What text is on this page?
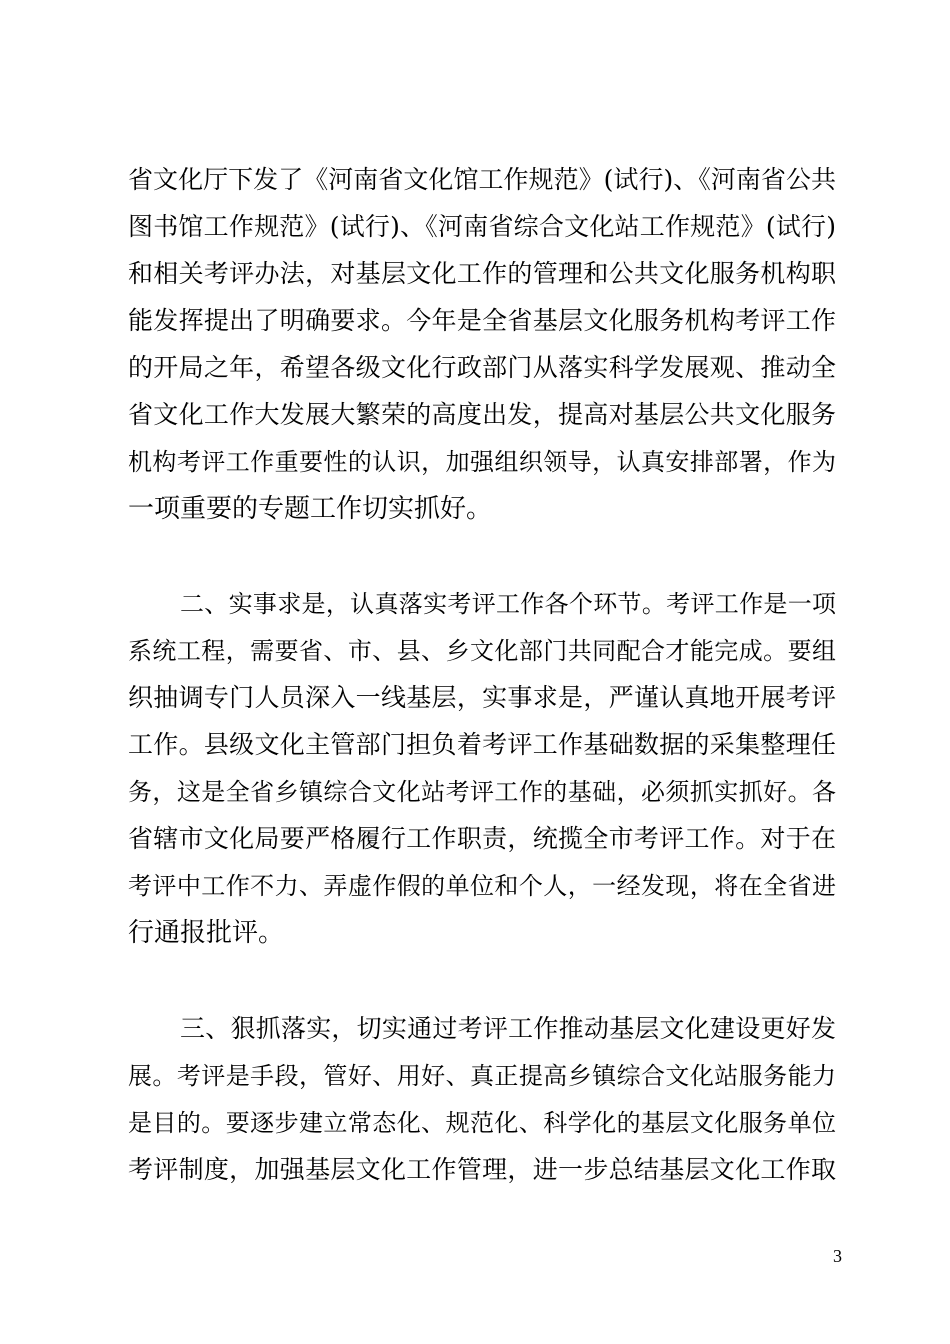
省文化厅下发了《河南省文化馆工作规范》(试行)、《河南省公共
图书馆工作规范》(试行)、《河南省综合文化站工作规范》(试行)
和相关考评办法，对基层文化工作的管理和公共文化服务机构职
能发挥提出了明确要求。今年是全省基层文化服务机构考评工作
的开局之年，希望各级文化行政部门从落实科学发展观、推动全
省文化工作大发展大繁荣的高度出发，提高对基层公共文化服务
机构考评工作重要性的认识，加强组织领导，认真安排部署，作为
一项重要的专题工作切实抓好。
二、实事求是，认真落实考评工作各个环节。考评工作是一项
系统工程，需要省、市、县、乡文化部门共同配合才能完成。要组
织抽调专门人员深入一线基层，实事求是，严谨认真地开展考评
工作。县级文化主管部门担负着考评工作基础数据的采集整理任
务，这是全省乡镇综合文化站考评工作的基础，必须抓实抓好。各
省辖市文化局要严格履行工作职责，统揽全市考评工作。对于在
考评中工作不力、弄虚作假的单位和个人，一经发现，将在全省进
行通报批评。
三、狠抓落实，切实通过考评工作推动基层文化建设更好发
展。考评是手段，管好、用好、真正提高乡镇综合文化站服务能力
是目的。要逐步建立常态化、规范化、科学化的基层文化服务单位
考评制度，加强基层文化工作管理，进一步总结基层文化工作取
3
